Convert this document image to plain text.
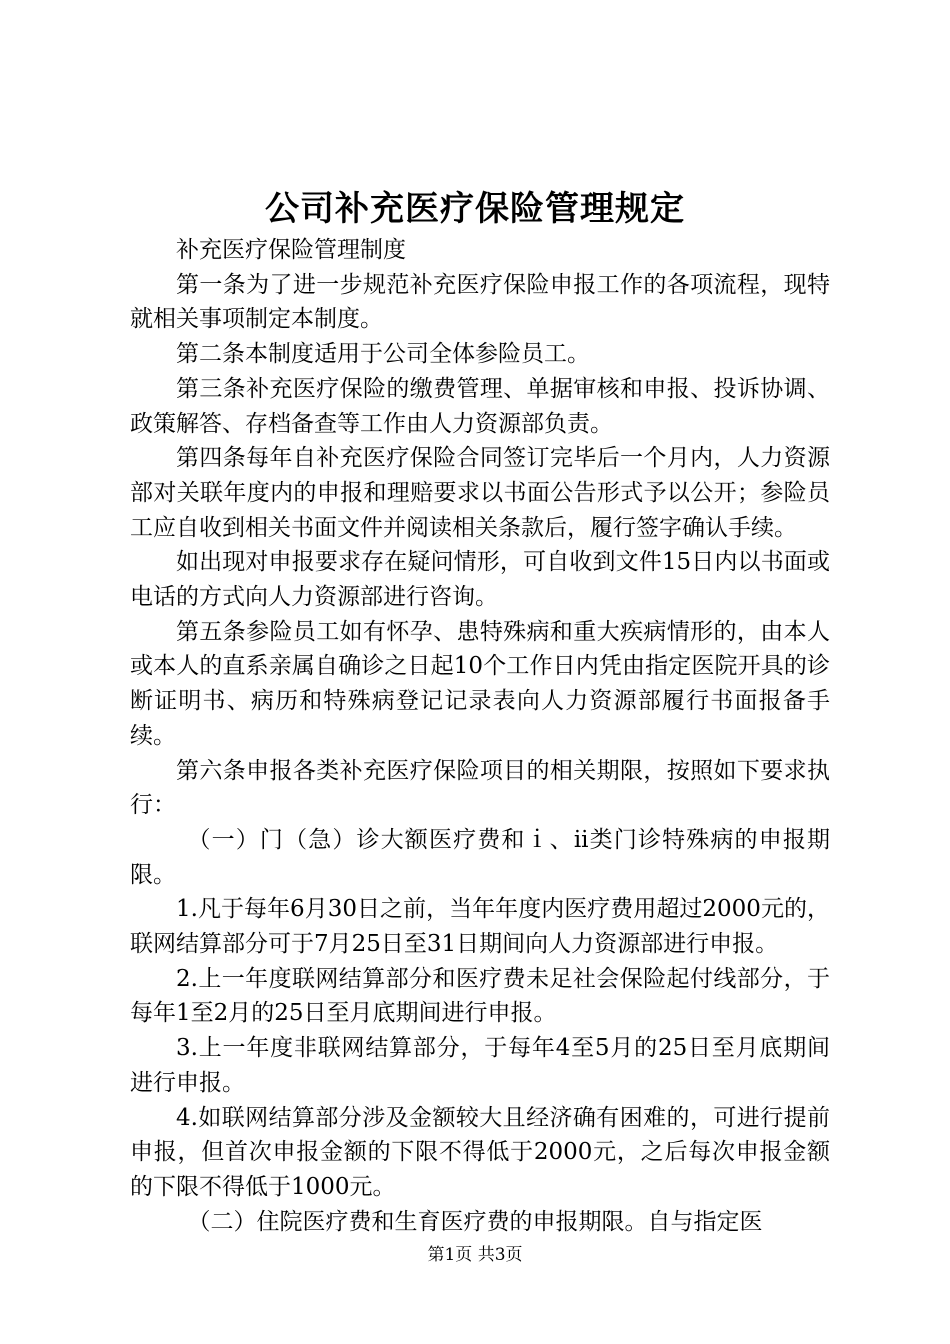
公司补充医疗保险管理规定

补充医疗保险管理制度

第一条为了进一步规范补充医疗保险申报工作的各项流程，现特就相关事项制定本制度。

第二条本制度适用于公司全体参险员工。

第三条补充医疗保险的缴费管理、单据审核和申报、投诉协调、政策解答、存档备查等工作由人力资源部负责。

第四条每年自补充医疗保险合同签订完毕后一个月内，人力资源部对关联年度内的申报和理赔要求以书面公告形式予以公开；参险员工应自收到相关书面文件并阅读相关条款后，履行签字确认手续。

如出现对申报要求存在疑问情形，可自收到文件15日内以书面或电话的方式向人力资源部进行咨询。

第五条参险员工如有怀孕、患特殊病和重大疾病情形的，由本人或本人的直系亲属自确诊之日起10个工作日内凭由指定医院开具的诊断证明书、病历和特殊病登记记录表向人力资源部履行书面报备手续。

第六条申报各类补充医疗保险项目的相关期限，按照如下要求执行：

（一）门（急）诊大额医疗费和ｉ、ii类门诊特殊病的申报期限。

1.凡于每年6月30日之前，当年年度内医疗费用超过2000元的，联网结算部分可于7月25日至31日期间向人力资源部进行申报。

2.上一年度联网结算部分和医疗费未足社会保险起付线部分，于每年1至2月的25日至月底期间进行申报。

3.上一年度非联网结算部分，于每年4至5月的25日至月底期间进行申报。

4.如联网结算部分涉及金额较大且经济确有困难的，可进行提前申报，但首次申报金额的下限不得低于2000元，之后每次申报金额的下限不得低于1000元。

（二）住院医疗费和生育医疗费的申报期限。自与指定医

第1页 共3页
